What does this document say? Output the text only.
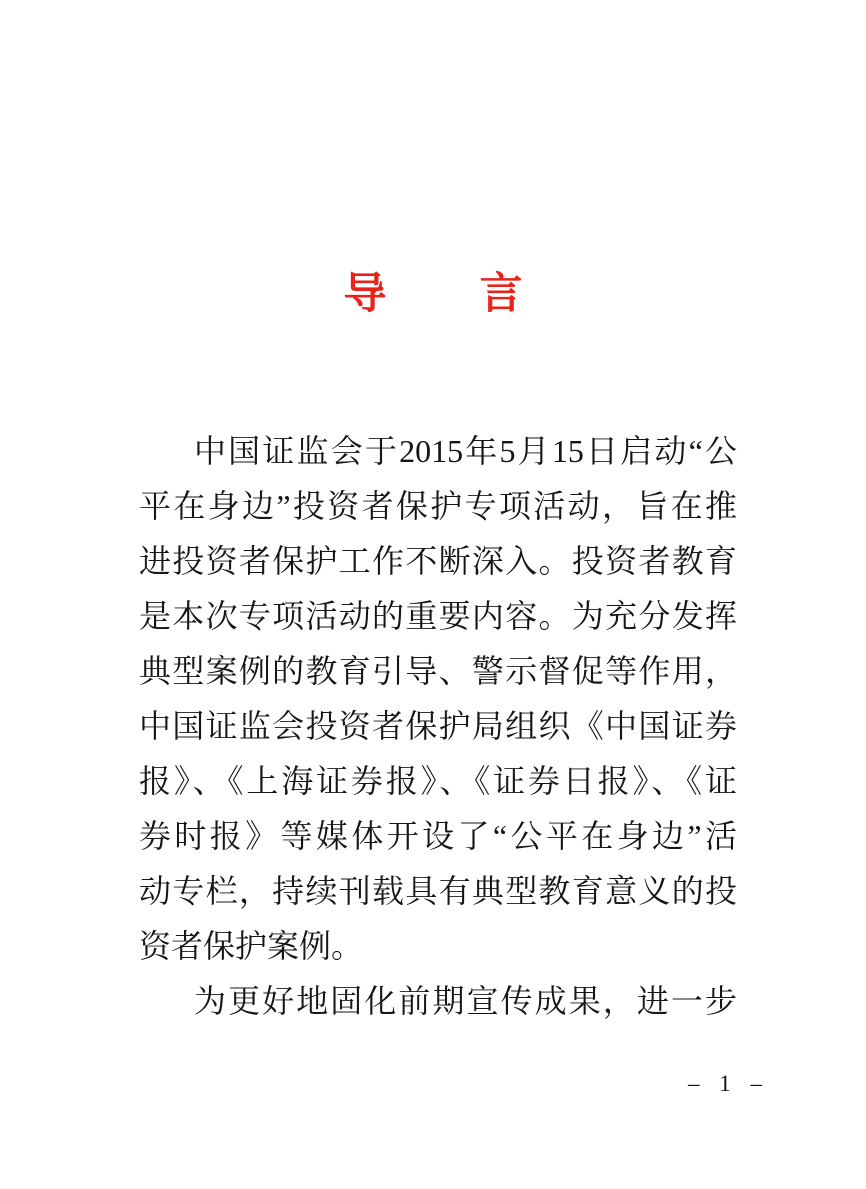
导 言
中国证监会于2015年5月15日启动“公
平在身边”投资者保护专项活动，旨在推
进投资者保护工作不断深入。投资者教育
是本次专项活动的重要内容。为充分发挥
典型案例的教育引导、警示督促等作用，
中国证监会投资者保护局组织《中国证券
报》、《上海证券报》、《证券日报》、《证
券时报》等媒体开设了“公平在身边”活
动专栏，持续刊载具有典型教育意义的投
资者保护案例。
为更好地固化前期宣传成果，进一步
– 1 –
